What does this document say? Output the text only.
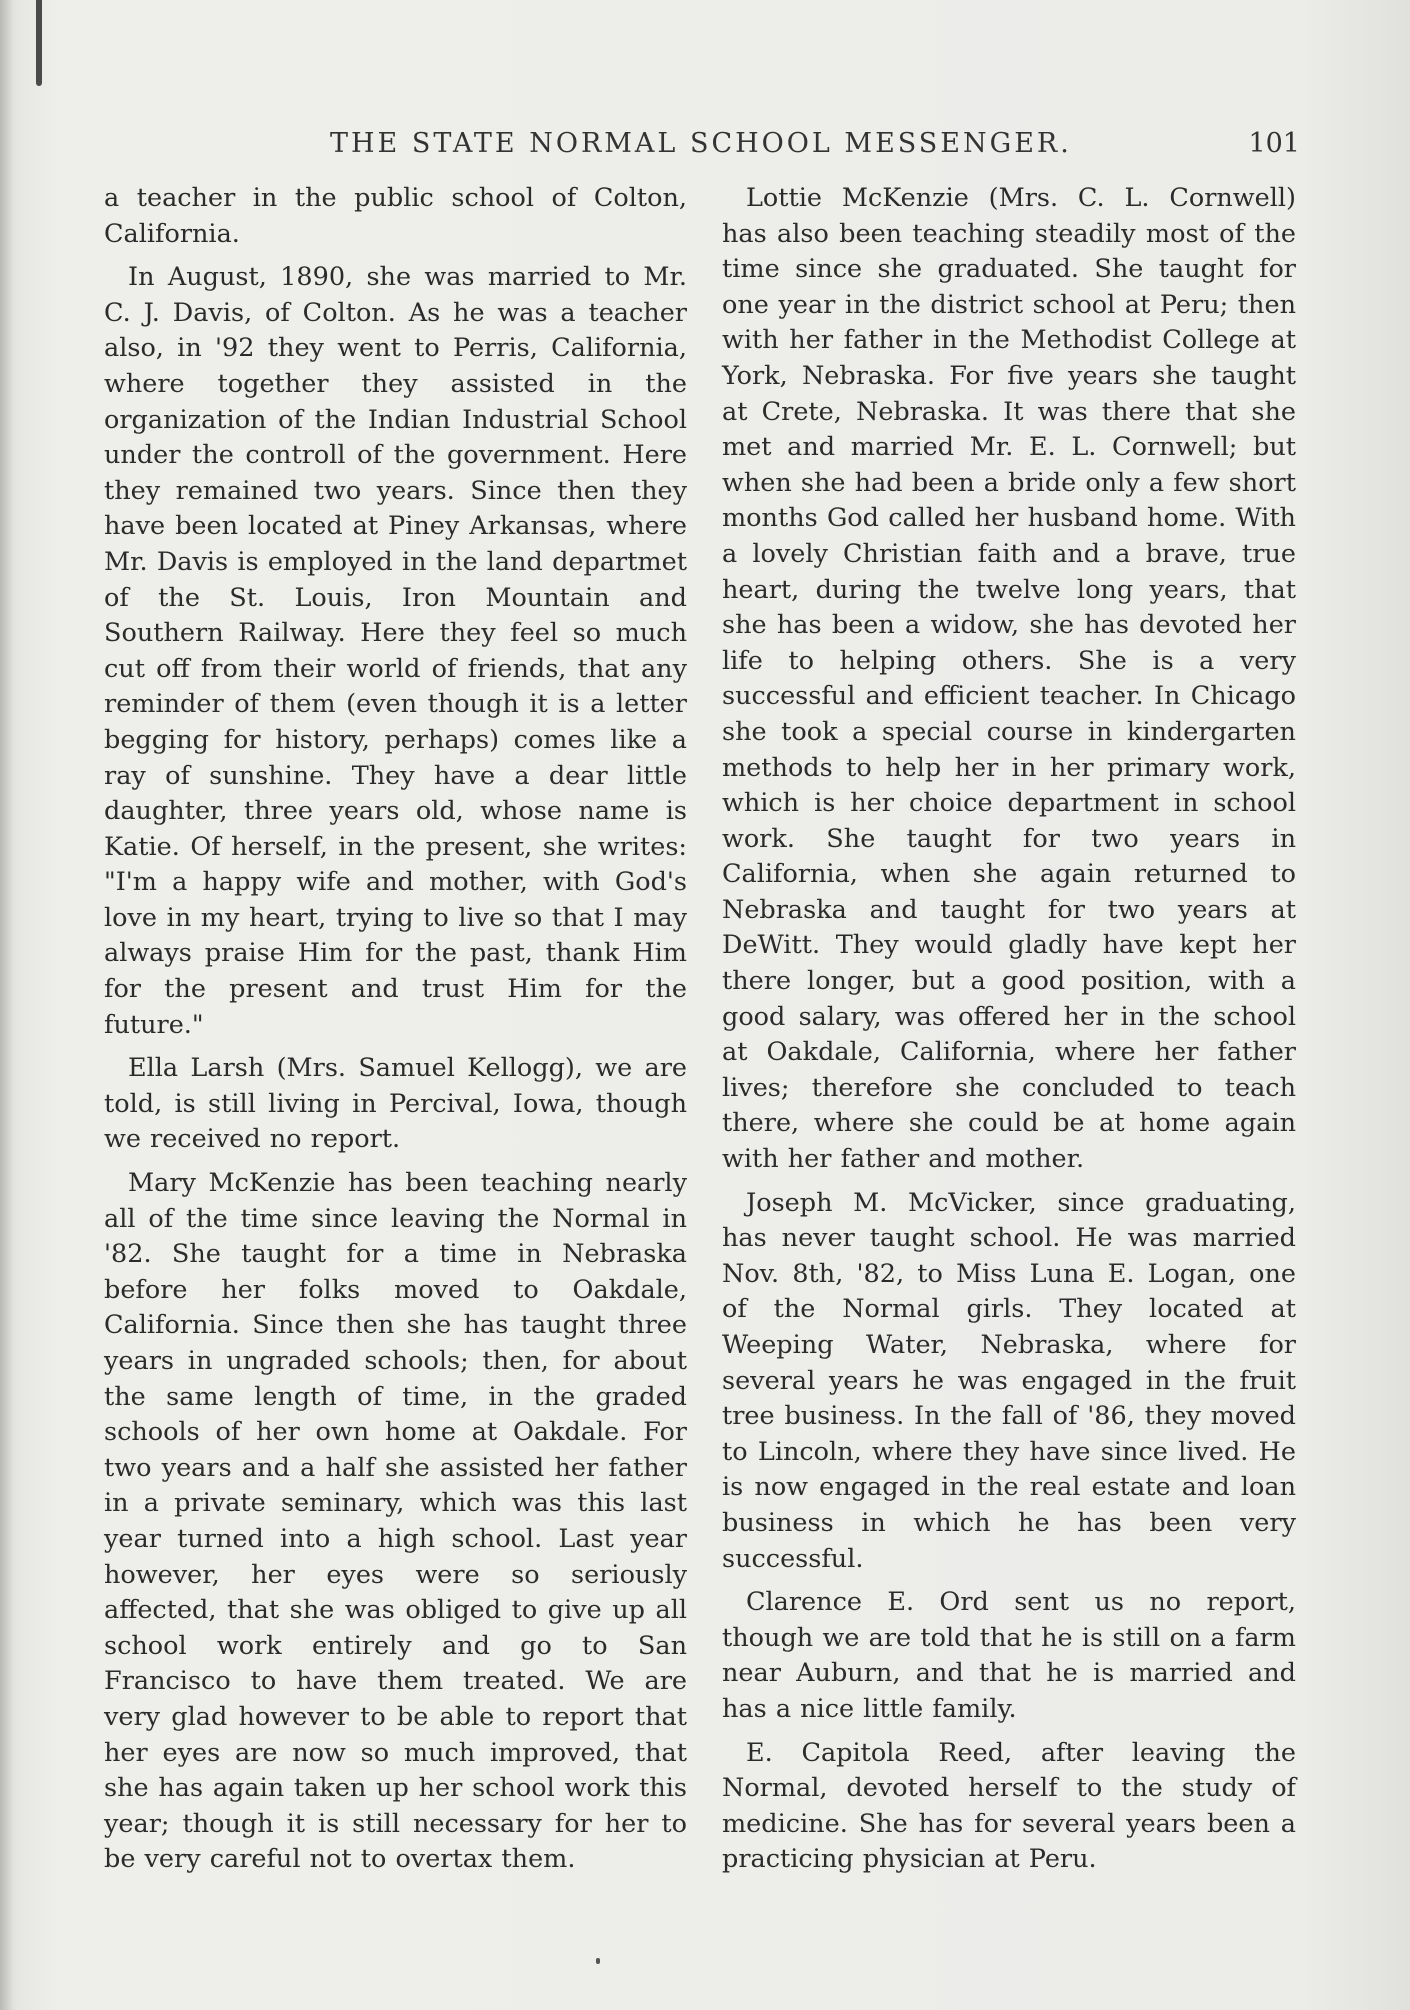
THE STATE NORMAL SCHOOL MESSENGER.	101

a teacher in the public school of Colton, California.

In August, 1890, she was married to Mr. C. J. Davis, of Colton. As he was a teacher also, in '92 they went to Perris, California, where together they assisted in the organization of the Indian Industrial School under the controll of the government. Here they remained two years. Since then they have been located at Piney Arkansas, where Mr. Davis is employed in the land departmet of the St. Louis, Iron Mountain and Southern Railway. Here they feel so much cut off from their world of friends, that any reminder of them (even though it is a letter begging for history, perhaps) comes like a ray of sunshine. They have a dear little daughter, three years old, whose name is Katie. Of herself, in the present, she writes: "I'm a happy wife and mother, with God's love in my heart, trying to live so that I may always praise Him for the past, thank Him for the present and trust Him for the future."

Ella Larsh (Mrs. Samuel Kellogg), we are told, is still living in Percival, Iowa, though we received no report.

Mary McKenzie has been teaching nearly all of the time since leaving the Normal in '82. She taught for a time in Nebraska before her folks moved to Oakdale, California. Since then she has taught three years in ungraded schools; then, for about the same length of time, in the graded schools of her own home at Oakdale. For two years and a half she assisted her father in a private seminary, which was this last year turned into a high school. Last year however, her eyes were so seriously affected, that she was obliged to give up all school work entirely and go to San Francisco to have them treated. We are very glad however to be able to report that her eyes are now so much improved, that she has again taken up her school work this year; though it is still necessary for her to be very careful not to overtax them.

Lottie McKenzie (Mrs. C. L. Cornwell) has also been teaching steadily most of the time since she graduated. She taught for one year in the district school at Peru; then with her father in the Methodist College at York, Nebraska. For five years she taught at Crete, Nebraska. It was there that she met and married Mr. E. L. Cornwell; but when she had been a bride only a few short months God called her husband home. With a lovely Christian faith and a brave, true heart, during the twelve long years, that she has been a widow, she has devoted her life to helping others. She is a very successful and efficient teacher. In Chicago she took a special course in kindergarten methods to help her in her primary work, which is her choice department in school work. She taught for two years in California, when she again returned to Nebraska and taught for two years at DeWitt. They would gladly have kept her there longer, but a good position, with a good salary, was offered her in the school at Oakdale, California, where her father lives; therefore she concluded to teach there, where she could be at home again with her father and mother.

Joseph M. McVicker, since graduating, has never taught school. He was married Nov. 8th, '82, to Miss Luna E. Logan, one of the Normal girls. They located at Weeping Water, Nebraska, where for several years he was engaged in the fruit tree business. In the fall of '86, they moved to Lincoln, where they have since lived. He is now engaged in the real estate and loan business in which he has been very successful.

Clarence E. Ord sent us no report, though we are told that he is still on a farm near Auburn, and that he is married and has a nice little family.

E. Capitola Reed, after leaving the Normal, devoted herself to the study of medicine. She has for several years been a practicing physician at Peru.
